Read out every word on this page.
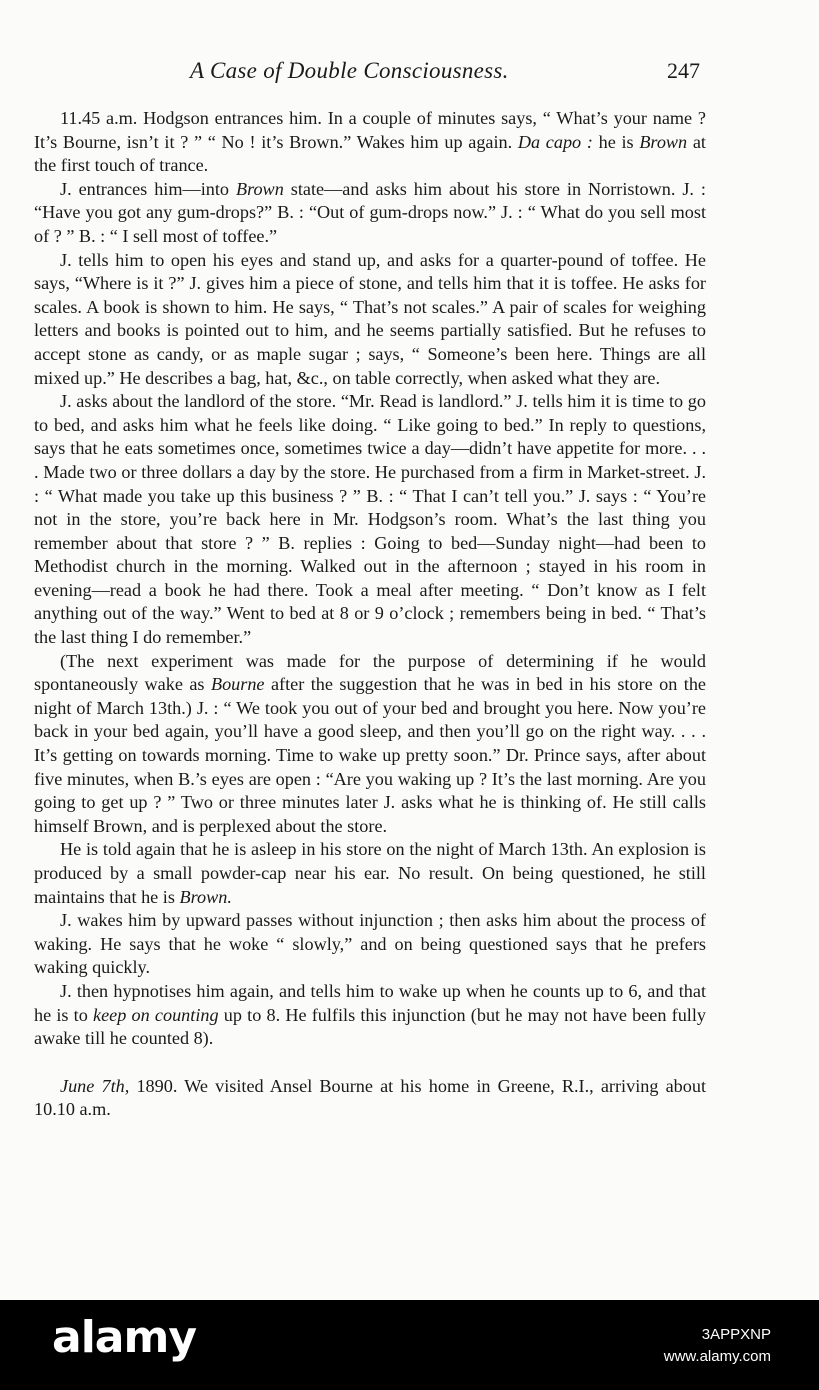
A Case of Double Consciousness.	247

11.45 a.m. Hodgson entrances him. In a couple of minutes says, “ What’s your name ? It’s Bourne, isn’t it ? ” “ No ! it’s Brown.” Wakes him up again. Da capo : he is Brown at the first touch of trance.

J. entrances him—into Brown state—and asks him about his store in Norristown. J. : “Have you got any gum-drops?” B. : “Out of gum-drops now.” J. : “ What do you sell most of ? ” B. : “ I sell most of toffee.”

J. tells him to open his eyes and stand up, and asks for a quarter-pound of toffee. He says, “Where is it ?” J. gives him a piece of stone, and tells him that it is toffee. He asks for scales. A book is shown to him. He says, “ That’s not scales.” A pair of scales for weighing letters and books is pointed out to him, and he seems partially satisfied. But he refuses to accept stone as candy, or as maple sugar ; says, “ Someone’s been here. Things are all mixed up.” He describes a bag, hat, &c., on table correctly, when asked what they are.

J. asks about the landlord of the store. “Mr. Read is landlord.” J. tells him it is time to go to bed, and asks him what he feels like doing. “ Like going to bed.” In reply to questions, says that he eats sometimes once, sometimes twice a day—didn’t have appetite for more. . . . Made two or three dollars a day by the store. He purchased from a firm in Market-street. J. : “ What made you take up this business ? ” B. : “ That I can’t tell you.” J. says : “ You’re not in the store, you’re back here in Mr. Hodgson’s room. What’s the last thing you remember about that store ? ” B. replies : Going to bed—Sunday night—had been to Methodist church in the morning. Walked out in the afternoon ; stayed in his room in evening—read a book he had there. Took a meal after meeting. “ Don’t know as I felt anything out of the way.” Went to bed at 8 or 9 o’clock ; remembers being in bed. “ That’s the last thing I do remember.”

(The next experiment was made for the purpose of determining if he would spontaneously wake as Bourne after the suggestion that he was in bed in his store on the night of March 13th.) J. : “ We took you out of your bed and brought you here. Now you’re back in your bed again, you’ll have a good sleep, and then you’ll go on the right way. . . . It’s getting on towards morning. Time to wake up pretty soon.” Dr. Prince says, after about five minutes, when B.’s eyes are open : “Are you waking up ? It’s the last morning. Are you going to get up ? ” Two or three minutes later J. asks what he is thinking of. He still calls himself Brown, and is perplexed about the store.

He is told again that he is asleep in his store on the night of March 13th. An explosion is produced by a small powder-cap near his ear. No result. On being questioned, he still maintains that he is Brown.

J. wakes him by upward passes without injunction ; then asks him about the process of waking. He says that he woke “ slowly,” and on being questioned says that he prefers waking quickly.

J. then hypnotises him again, and tells him to wake up when he counts up to 6, and that he is to keep on counting up to 8. He fulfils this injunction (but he may not have been fully awake till he counted 8).

June 7th, 1890. We visited Ansel Bourne at his home in Greene, R.I., arriving about 10.10 a.m.

alamy	3APPXNP
www.alamy.com
